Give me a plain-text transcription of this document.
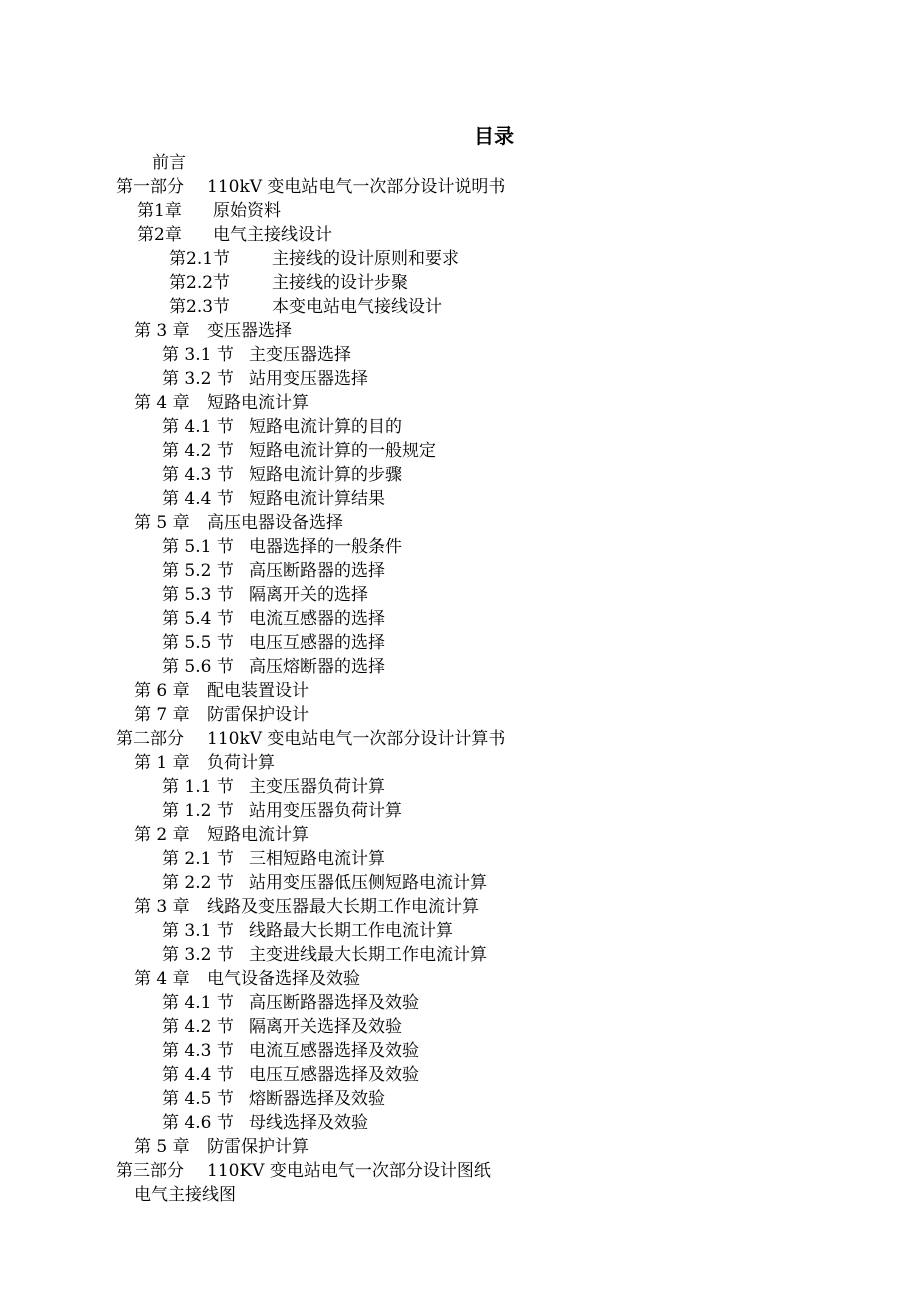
目录
前言
第一部分 110kV 变电站电气一次部分设计说明书
第1章 原始资料
第2章 电气主接线设计
第2.1节 主接线的设计原则和要求
第2.2节 主接线的设计步聚
第2.3节 本变电站电气接线设计
第 3 章 变压器选择
第 3.1 节 主变压器选择
第 3.2 节 站用变压器选择
第 4 章 短路电流计算
第 4.1 节 短路电流计算的目的
第 4.2 节 短路电流计算的一般规定
第 4.3 节 短路电流计算的步骤
第 4.4 节 短路电流计算结果
第 5 章 高压电器设备选择
第 5.1 节 电器选择的一般条件
第 5.2 节 高压断路器的选择
第 5.3 节 隔离开关的选择
第 5.4 节 电流互感器的选择
第 5.5 节 电压互感器的选择
第 5.6 节 高压熔断器的选择
第 6 章 配电装置设计
第 7 章 防雷保护设计
第二部分 110kV 变电站电气一次部分设计计算书
第 1 章 负荷计算
第 1.1 节 主变压器负荷计算
第 1.2 节 站用变压器负荷计算
第 2 章 短路电流计算
第 2.1 节 三相短路电流计算
第 2.2 节 站用变压器低压侧短路电流计算
第 3 章 线路及变压器最大长期工作电流计算
第 3.1 节 线路最大长期工作电流计算
第 3.2 节 主变进线最大长期工作电流计算
第 4 章 电气设备选择及效验
第 4.1 节 高压断路器选择及效验
第 4.2 节 隔离开关选择及效验
第 4.3 节 电流互感器选择及效验
第 4.4 节 电压互感器选择及效验
第 4.5 节 熔断器选择及效验
第 4.6 节 母线选择及效验
第 5 章 防雷保护计算
第三部分 110KV 变电站电气一次部分设计图纸
电气主接线图
